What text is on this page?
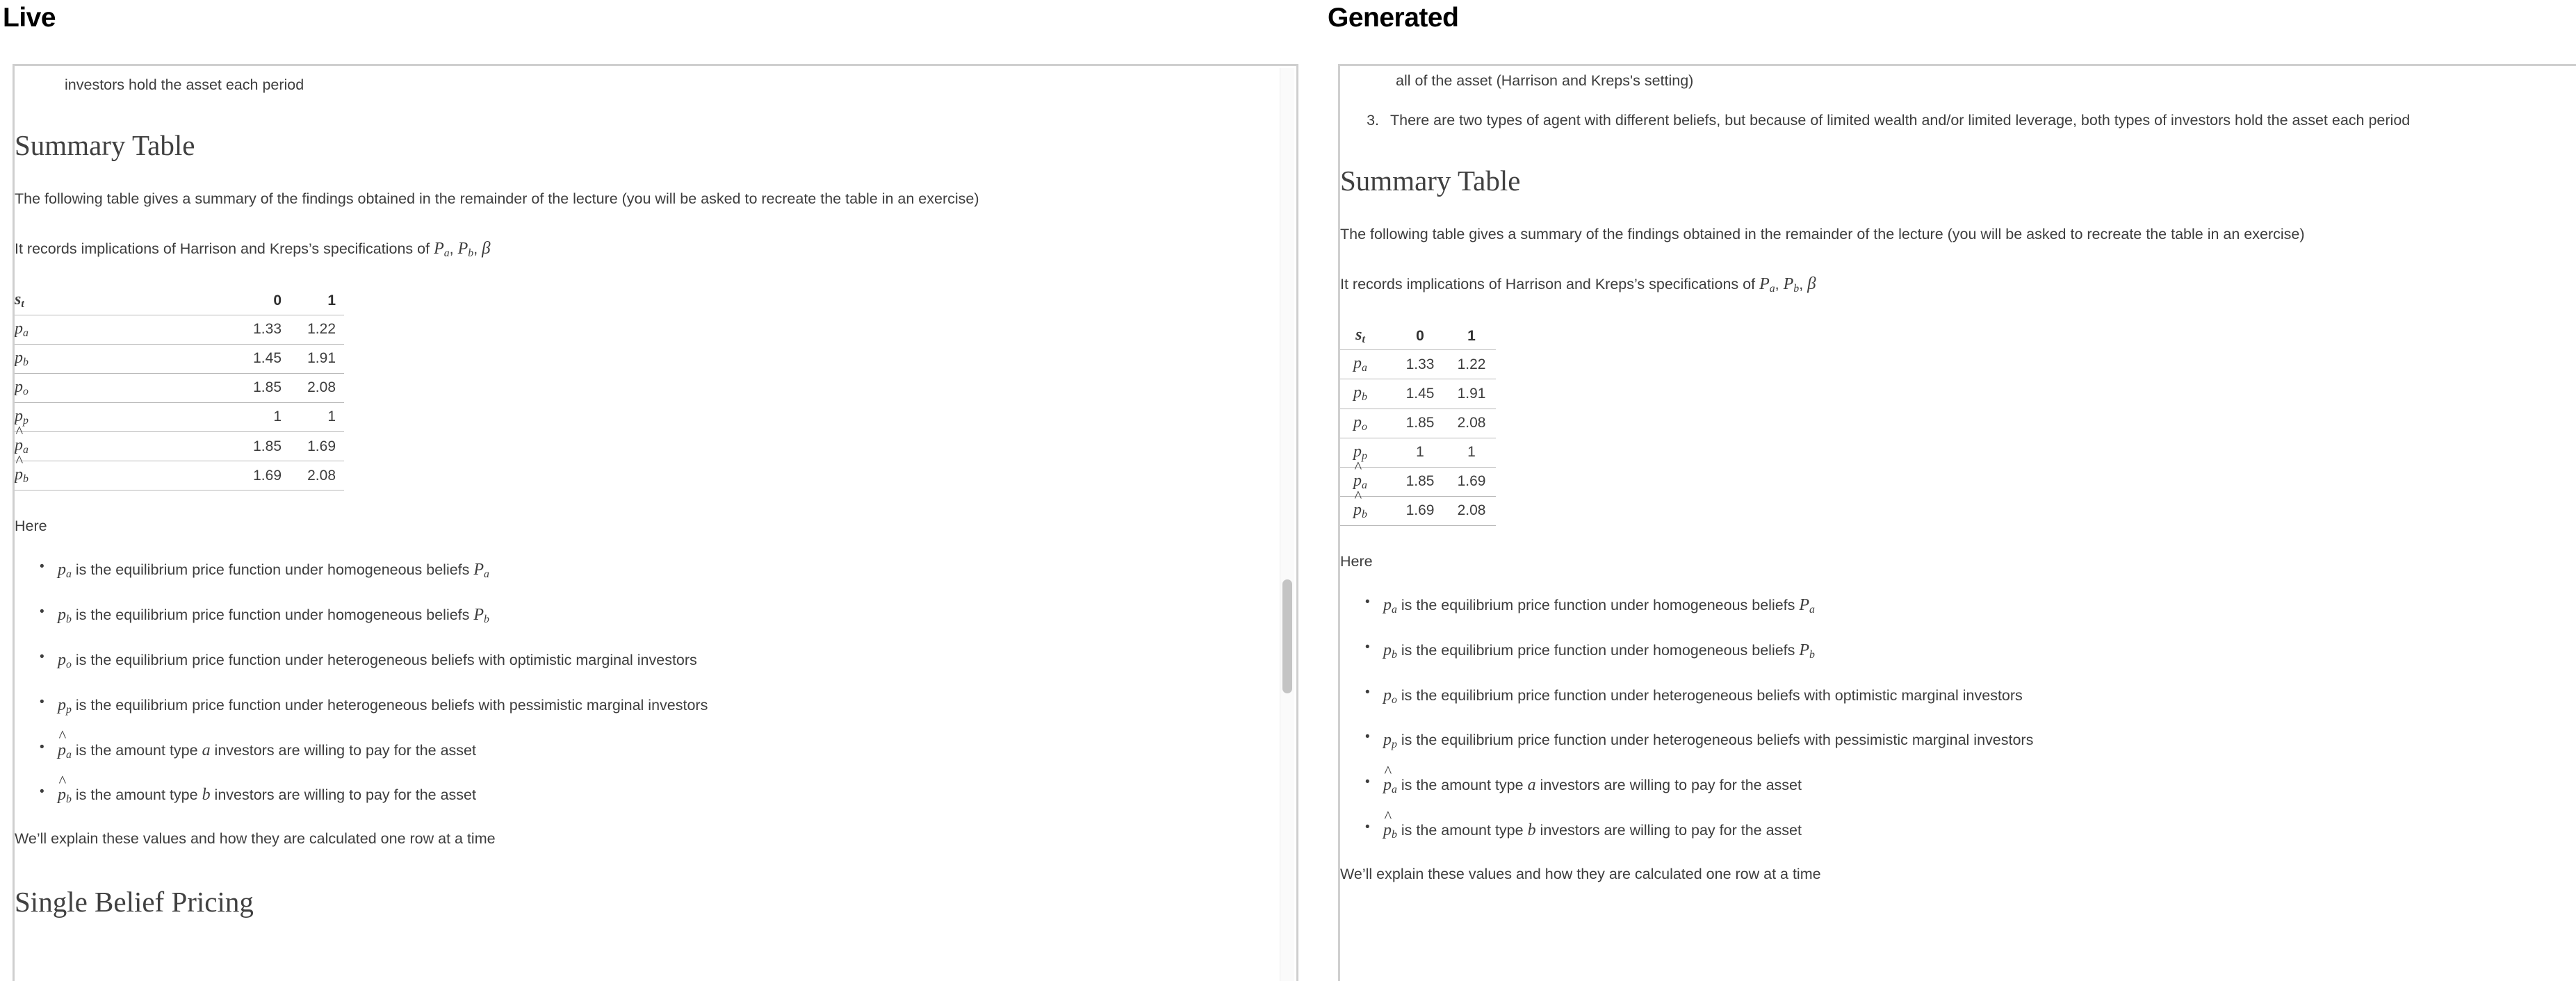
Live

investors hold the asset each period

Summary Table

The following table gives a summary of the findings obtained in the remainder of the lecture (you will be asked to recreate the table in an exercise)

It records implications of Harrison and Kreps’s specifications of $P_a$, $P_b$, β

$s_t$	0	1
$p_a$	1.33	1.22
$p_b$	1.45	1.91
$p_o$	1.85	2.08
$p_p$	1	1
p $\^{}_a$	1.85	1.69
p $\^{}_b$	1.69	2.08

Here

• $p_a$ is the equilibrium price function under homogeneous beliefs $P_a$
• $p_b$ is the equilibrium price function under homogeneous beliefs $P_b$
• $p_o$ is the equilibrium price function under heterogeneous beliefs with optimistic marginal investors
• $p_p$ is the equilibrium price function under heterogeneous beliefs with pessimistic marginal investors
• p $\^{}_a$ is the amount type a investors are willing to pay for the asset
• p $\^{}_b$ is the amount type b investors are willing to pay for the asset

We’ll explain these values and how they are calculated one row at a time

Single Belief Pricing
Generated

all of the asset (Harrison and Kreps's setting)

3. There are two types of agent with different beliefs, but because of limited wealth and/or limited leverage, both types of investors hold the asset each period
Summary Table

The following table gives a summary of the findings obtained in the remainder of the lecture (you will be asked to recreate the table in an exercise)

It records implications of Harrison and Kreps’s specifications of $P_a$, $P_b$, β

$s_t$	0	1
$p_a$	1.33	1.22
$p_b$	1.45	1.91
$p_o$	1.85	2.08
$p_p$	1	1
p $\^{}_a$	1.85	1.69
p $\^{}_b$	1.69	2.08

Here

• $p_a$ is the equilibrium price function under homogeneous beliefs $P_a$
• $p_b$ is the equilibrium price function under homogeneous beliefs $P_b$
• $p_o$ is the equilibrium price function under heterogeneous beliefs with optimistic marginal investors
• $p_p$ is the equilibrium price function under heterogeneous beliefs with pessimistic marginal investors
• p $\^{}_a$ is the amount type a investors are willing to pay for the asset
• p $\^{}_b$ is the amount type b investors are willing to pay for the asset

We’ll explain these values and how they are calculated one row at a time
